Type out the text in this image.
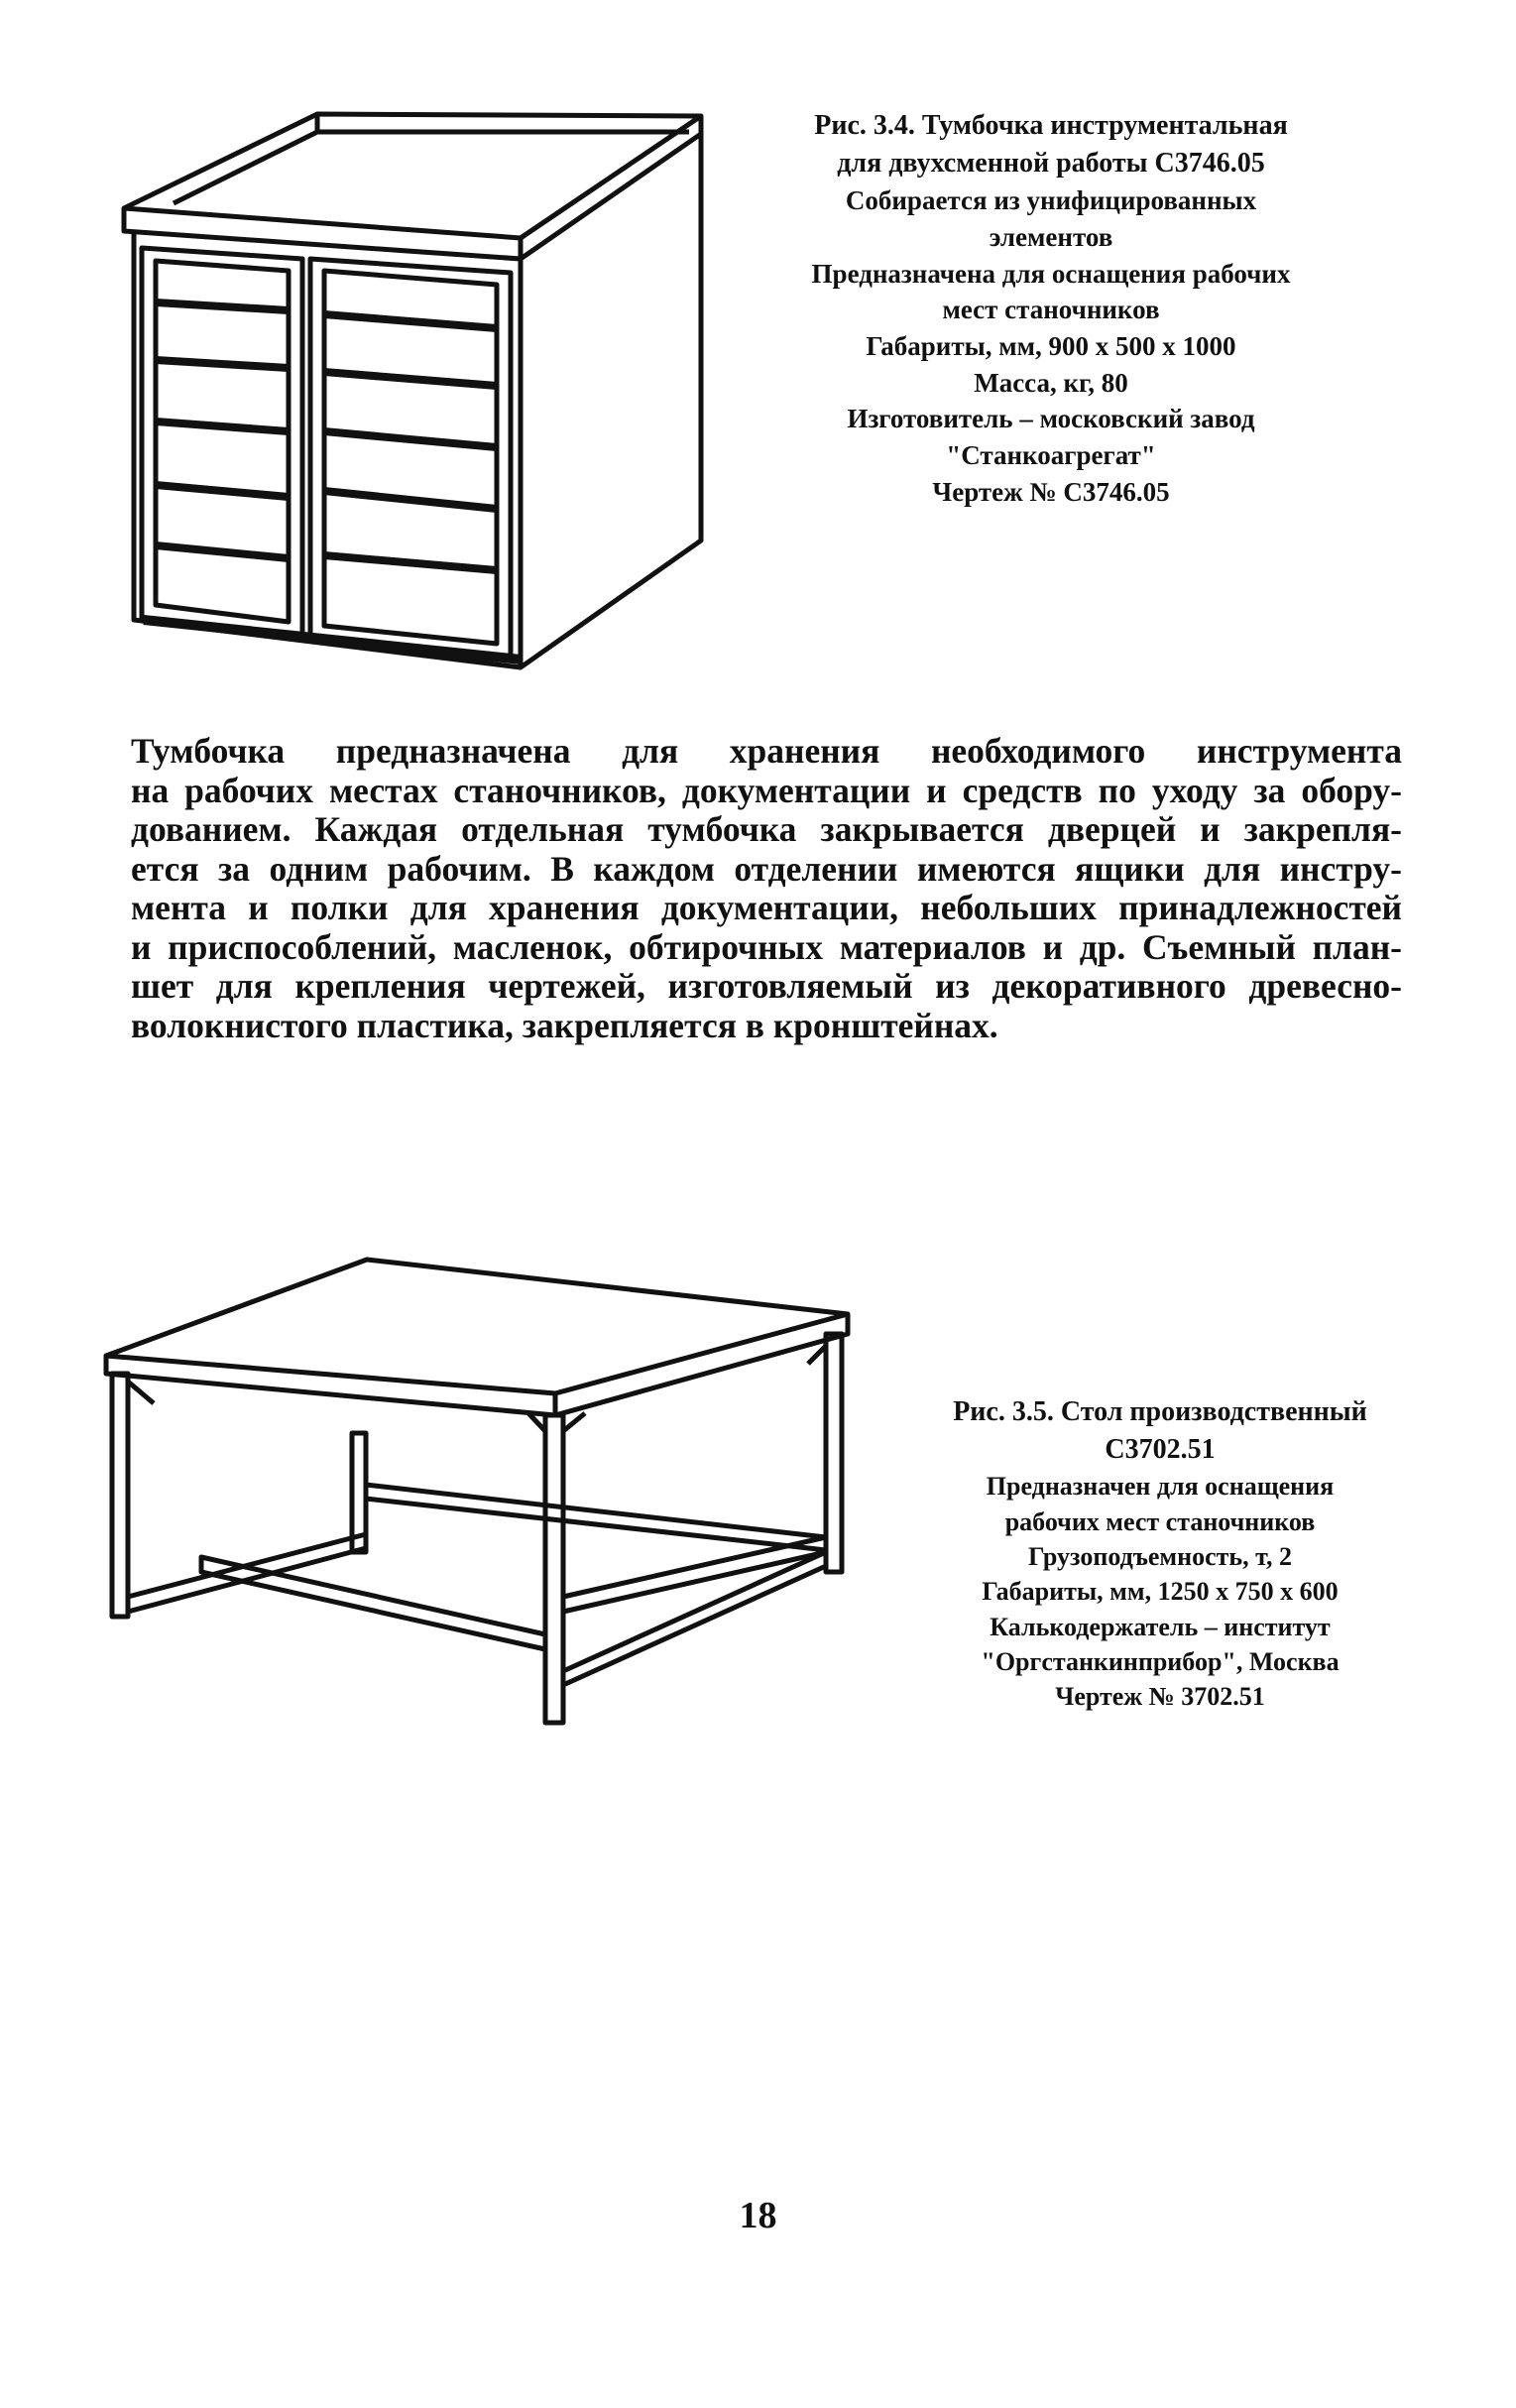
Рис. 3.4. Тумбочка инструментальная
для двухсменной работы С3746.05
Собирается из унифицированных
элементов
Предназначена для оснащения рабочих
мест станочников
Габариты, мм, 900 x 500 x 1000
Масса, кг, 80
Изготовитель – московский завод
"Станкоагрегат"
Чертеж № С3746.05
Тумбочка предназначена для хранения необходимого инструмента
на рабочих местах станочников, документации и средств по уходу за обору-
дованием. Каждая отдельная тумбочка закрывается дверцей и закрепля-
ется за одним рабочим. В каждом отделении имеются ящики для инстру-
мента и полки для хранения документации, небольших принадлежностей
и приспособлений, масленок, обтирочных материалов и др. Съемный план-
шет для крепления чертежей, изготовляемый из декоративного древесно-
волокнистого пластика, закрепляется в кронштейнах.
Рис. 3.5. Стол производственный
С3702.51
Предназначен для оснащения
рабочих мест станочников
Грузоподъемность, т, 2
Габариты, мм, 1250 x 750 x 600
Калькодержатель – институт
"Оргстанкинприбор", Москва
Чертеж № 3702.51
18
